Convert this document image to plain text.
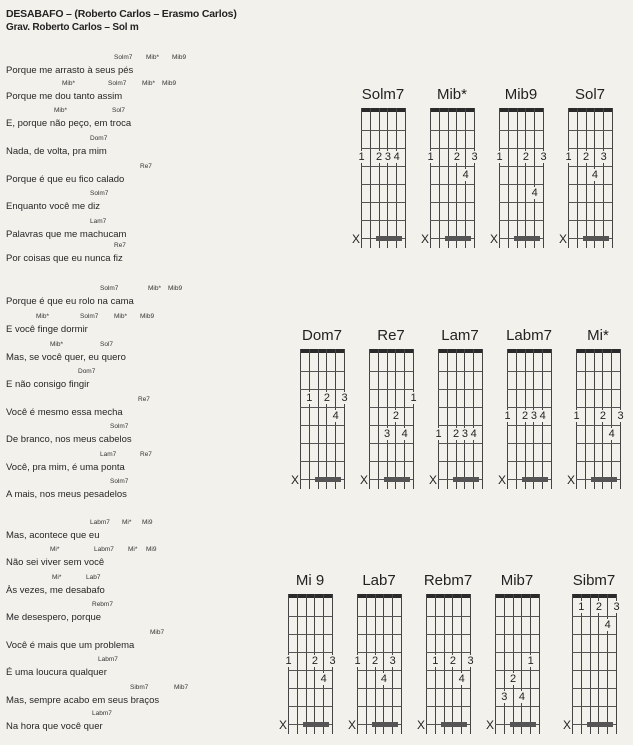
DESABAFO – (Roberto Carlos – Erasmo Carlos)
Grav. Roberto Carlos – Sol m
Solm7 Mib* Mib9
Porque me arrasto à seus pés
Mib*	Solm7 Mib* Mib9
Porque me dou tanto assim
Mib*	Sol7
E, porque não peço, em troca
Dom7
Nada, de volta, pra mim
Re7
Porque é que eu fico calado
Solm7
Enquanto você me diz
Lam7
Palavras que me machucam
Re7
Por coisas que eu nunca fiz
Solm7	Mib* Mib9
Porque é que eu rolo na cama
Mib*	Solm7 Mib* Mib9
E você finge dormir
Mib*	Sol7
Mas, se você quer, eu quero
Dom7
E não consigo fingir
Re7
Você é mesmo essa mecha
Solm7
De branco, nos meus cabelos
Lam7	Re7
Você, pra mim, é uma ponta
Solm7
A mais, nos meus pesadelos
Labm7 Mi* Mi9
Mas, acontece que eu
Mi*	Labm7 Mi* Mi9
Não sei viver sem você
Mi*	Lab7
Às vezes, me desabafo
Rebm7
Me desespero, porque
Mib7
Você é mais que um problema
Labm7
É uma loucura qualquer
Sibm7	Mib7
Mas, sempre acabo em seus braços
Labm7
Na hora que você quer
Solm7
1 2 3 4
X
Mib*
1 2 3
4
X
Mib9
1 2 3
4
X
Sol7
1 2 3
4
X
Dom7
1 2 3
4
X
Re7
1
2
3 4
X
Lam7
1 2 3 4
X
Labm7
1 2 3 4
X
Mi*
1 2 3
4
X
Mi 9
1 2 3
4
X
Lab7
1 2 3
4
X
Rebm7
1 2 3
4
X
Mib7
1
2
3 4
X
Sibm7
1 2 3
4
X
